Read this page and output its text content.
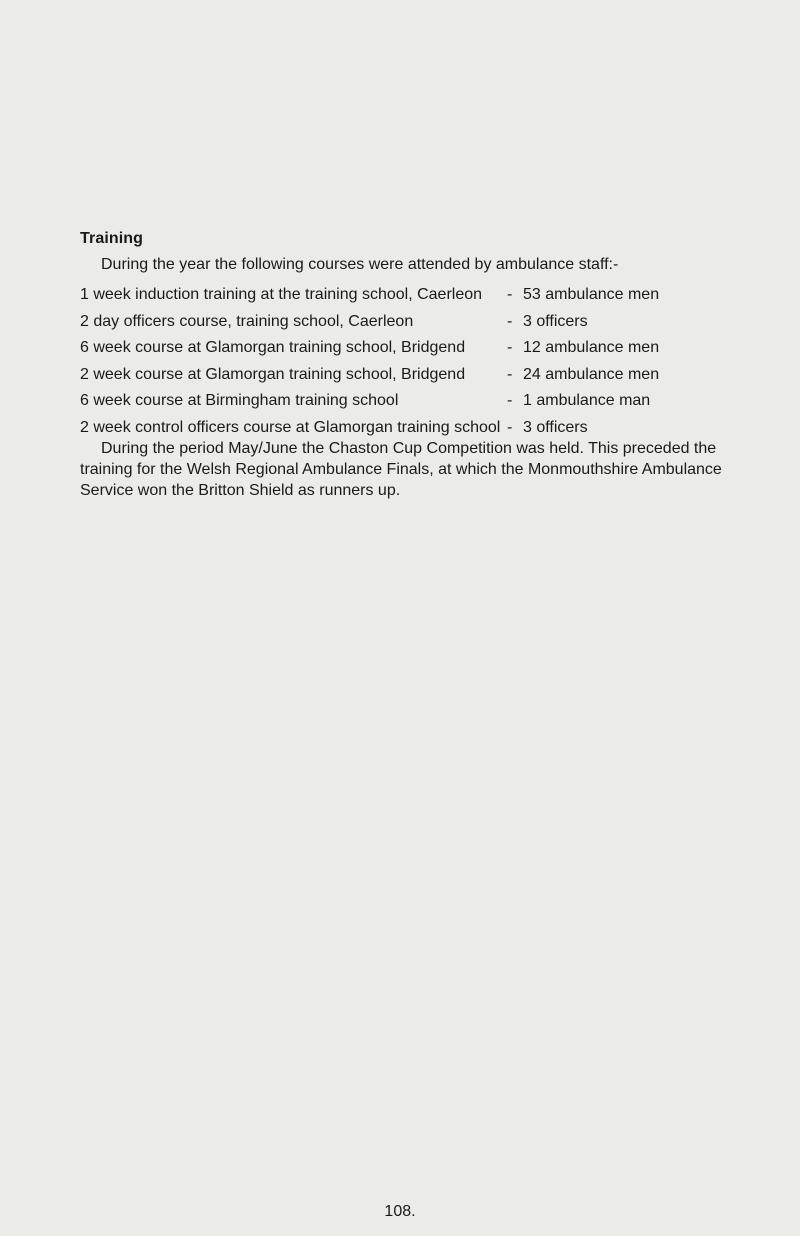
Training
During the year the following courses were attended by ambulance staff:-
1 week induction training at the training school, Caerleon - 53 ambulance men
2 day officers course, training school, Caerleon	- 3 officers
6 week course at Glamorgan training school, Bridgend	- 12 ambulance men
2 week course at Glamorgan training school, Bridgend	- 24 ambulance men
6 week course at Birmingham training school	- 1 ambulance man
2 week control officers course at Glamorgan training school - 3 officers
During the period May/June the Chaston Cup Competition was held. This preceded the training for the Welsh Regional Ambulance Finals, at which the Monmouthshire Ambulance Service won the Britton Shield as runners up.
108.
